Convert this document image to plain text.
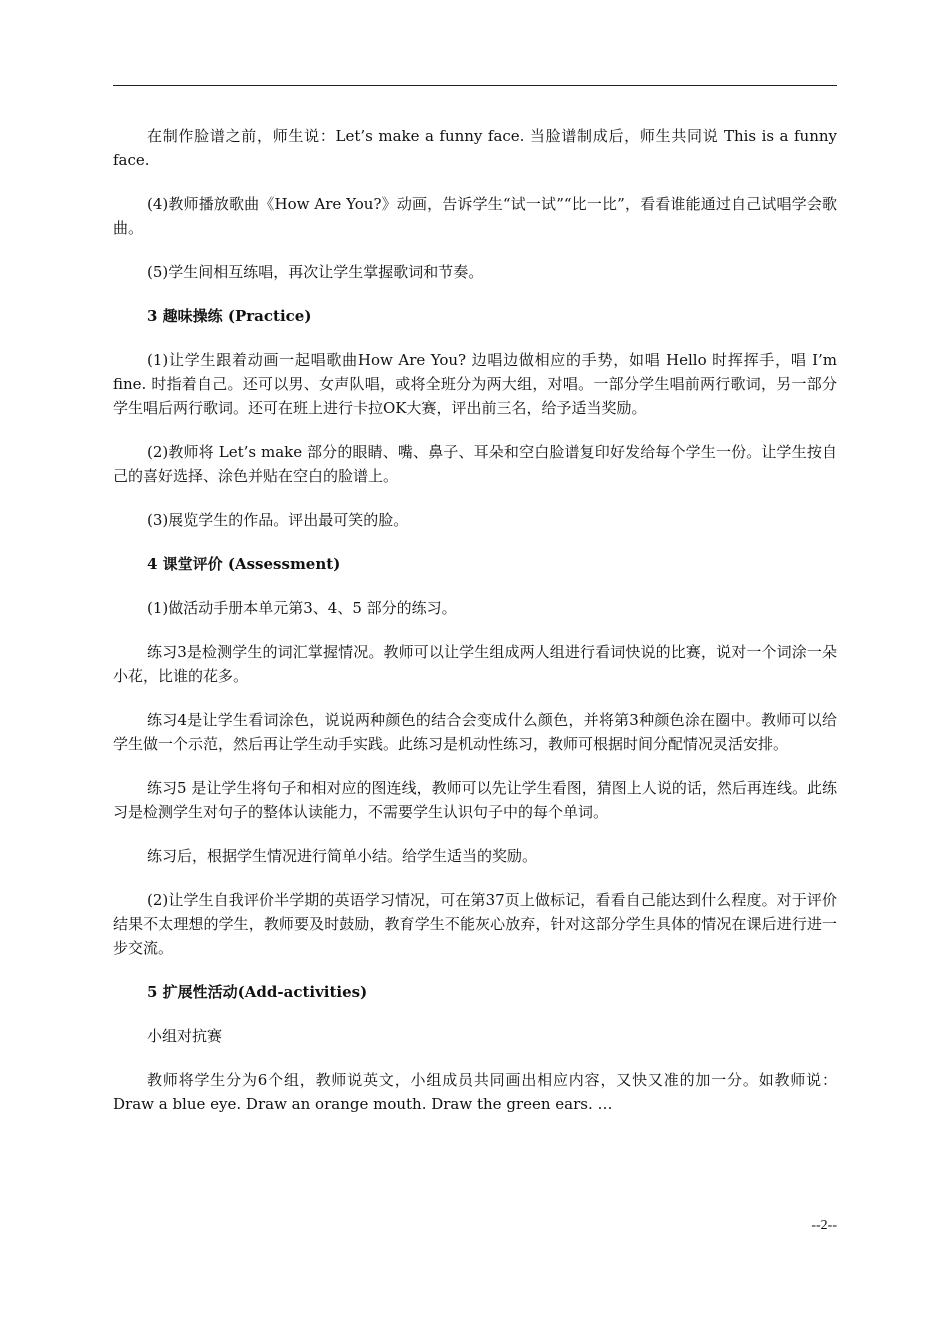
在制作脸谱之前，师生说：Let’s make a funny face. 当脸谱制成后，师生共同说 This is a funny face.

(4)教师播放歌曲《How Are You?》动画，告诉学生“试一试”“比一比”，看看谁能通过自己试唱学会歌曲。

(5)学生间相互练唱，再次让学生掌握歌词和节奏。

3 趣味操练 (Practice)

(1)让学生跟着动画一起唱歌曲How Are You? 边唱边做相应的手势，如唱 Hello 时挥挥手，唱 I’m fine. 时指着自己。还可以男、女声队唱，或将全班分为两大组，对唱。一部分学生唱前两行歌词，另一部分学生唱后两行歌词。还可在班上进行卡拉OK大赛，评出前三名，给予适当奖励。

(2)教师将 Let’s make 部分的眼睛、嘴、鼻子、耳朵和空白脸谱复印好发给每个学生一份。让学生按自己的喜好选择、涂色并贴在空白的脸谱上。

(3)展览学生的作品。评出最可笑的脸。

4 课堂评价 (Assessment)

(1)做活动手册本单元第3、4、5 部分的练习。

练习3是检测学生的词汇掌握情况。教师可以让学生组成两人组进行看词快说的比赛，说对一个词涂一朵小花，比谁的花多。

练习4是让学生看词涂色，说说两种颜色的结合会变成什么颜色，并将第3种颜色涂在圈中。教师可以给学生做一个示范，然后再让学生动手实践。此练习是机动性练习，教师可根据时间分配情况灵活安排。

练习5 是让学生将句子和相对应的图连线，教师可以先让学生看图，猜图上人说的话，然后再连线。此练习是检测学生对句子的整体认读能力，不需要学生认识句子中的每个单词。

练习后，根据学生情况进行简单小结。给学生适当的奖励。

(2)让学生自我评价半学期的英语学习情况，可在第37页上做标记，看看自己能达到什么程度。对于评价结果不太理想的学生，教师要及时鼓励，教育学生不能灰心放弃，针对这部分学生具体的情况在课后进行进一步交流。

5 扩展性活动(Add-activities)

小组对抗赛

教师将学生分为6个组，教师说英文，小组成员共同画出相应内容，又快又准的加一分。如教师说：Draw a blue eye. Draw an orange mouth. Draw the green ears. …

--2--
